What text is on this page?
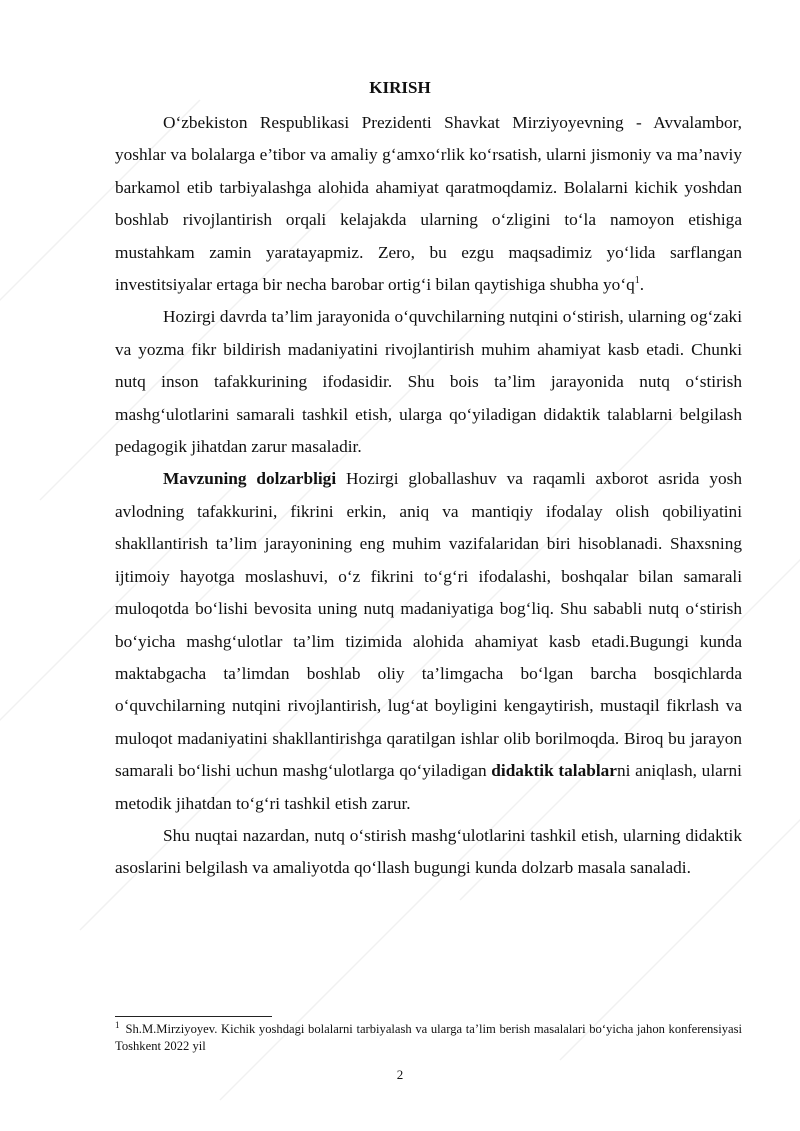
KIRISH

O‘zbekiston Respublikasi Prezidenti Shavkat Mirziyoyevning - Avvalambor, yoshlar va bolalarga e’tibor va amaliy g‘amxo‘rlik ko‘rsatish, ularni jismoniy va ma’naviy barkamol etib tarbiyalashga alohida ahamiyat qaratmoqdamiz. Bolalarni kichik yoshdan boshlab rivojlantirish orqali kelajakda ularning o‘zligini to‘la namoyon etishiga mustahkam zamin yaratayapmiz. Zero, bu ezgu maqsadimiz yo‘lida sarflangan investitsiyalar ertaga bir necha barobar ortig‘i bilan qaytishiga shubha yo‘q$^1$.

Hozirgi davrda ta’lim jarayonida o‘quvchilarning nutqini o‘stirish, ularning og‘zaki va yozma fikr bildirish madaniyatini rivojlantirish muhim ahamiyat kasb etadi. Chunki nutq inson tafakkurining ifodasidir. Shu bois ta’lim jarayonida nutq o‘stirish mashg‘ulotlarini samarali tashkil etish, ularga qo‘yiladigan didaktik talablarni belgilash pedagogik jihatdan zarur masaladir.

Mavzuning dolzarbligi Hozirgi globallashuv va raqamli axborot asrida yosh avlodning tafakkurini, fikrini erkin, aniq va mantiqiy ifodalay olish qobiliyatini shakllantirish ta’lim jarayonining eng muhim vazifalaridan biri hisoblanadi. Shaxsning ijtimoiy hayotga moslashuvi, o‘z fikrini to‘g‘ri ifodalashi, boshqalar bilan samarali muloqotda bo‘lishi bevosita uning nutq madaniyatiga bog‘liq. Shu sababli nutq o‘stirish bo‘yicha mashg‘ulotlar ta’lim tizimida alohida ahamiyat kasb etadi.Bugungi kunda maktabgacha ta’limdan boshlab oliy ta’limgacha bo‘lgan barcha bosqichlarda o‘quvchilarning nutqini rivojlantirish, lug‘at boyligini kengaytirish, mustaqil fikrlash va muloqot madaniyatini shakllantirishga qaratilgan ishlar olib borilmoqda. Biroq bu jarayon samarali bo‘lishi uchun mashg‘ulotlarga qo‘yiladigan didaktik talablarni aniqlash, ularni metodik jihatdan to‘g‘ri tashkil etish zarur.

Shu nuqtai nazardan, nutq o‘stirish mashg‘ulotlarini tashkil etish, ularning didaktik asoslarini belgilash va amaliyotda qo‘llash bugungi kunda dolzarb masala sanaladi.

$^1$ Sh.M.Mirziyoyev. Kichik yoshdagi bolalarni tarbiyalash va ularga ta’lim berish masalalari bo‘yicha jahon konferensiyasi Toshkent 2022 yil
2
